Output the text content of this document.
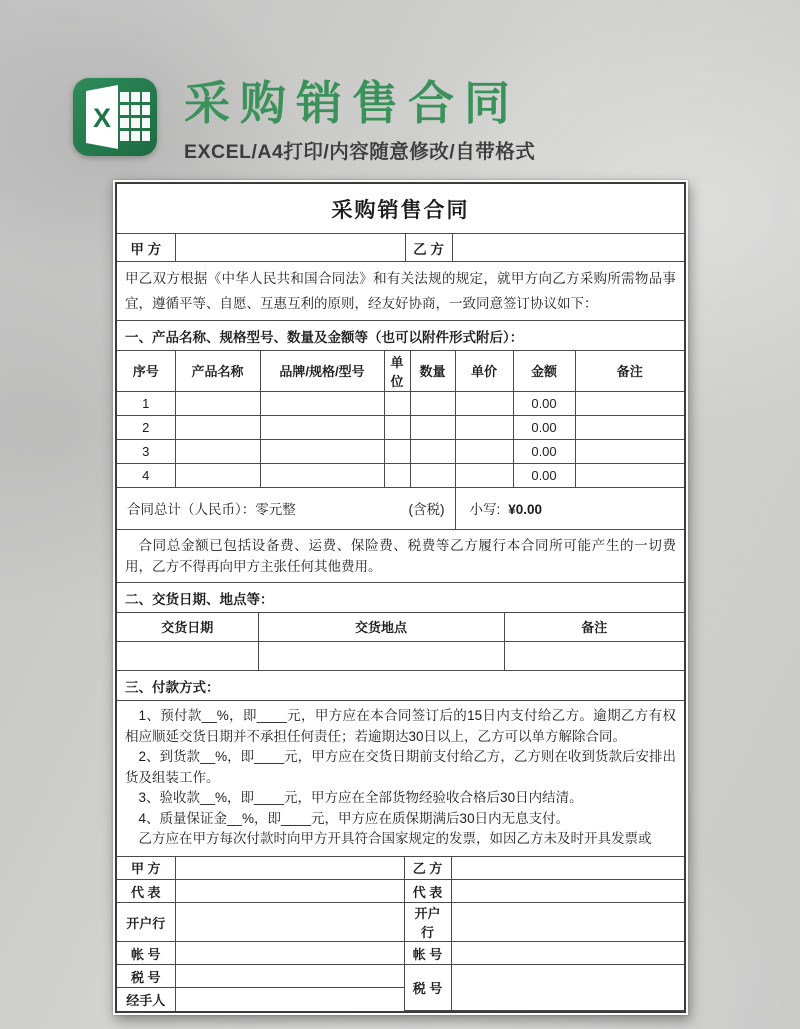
X 采购销售合同
EXCEL/A4打印/内容随意修改/自带格式
采购销售合同
甲 方		乙 方	
甲乙双方根据《中华人民共和国合同法》和有关法规的规定，就甲方向乙方采购所需物品事宜，遵循平等、自愿、互惠互利的原则，经友好协商，一致同意签订协议如下：
一、产品名称、规格型号、数量及金额等（也可以附件形式附后）：
序号	产品名称	品牌/规格/型号	单位	数量	单价	金额	备注
1						0.00	
2						0.00	
3						0.00	
4						0.00	

合同总计（人民币）：零元整 (含税)					小写: ¥0.00		
合同总金额已包括设备费、运费、保险费、税费等乙方履行本合同所可能产生的一切费用，乙方不得再向甲方主张任何其他费用。
二、交货日期、地点等：
交货日期	交货地点	备注

三、付款方式：

1、预付款__%，即____元，甲方应在本合同签订后的15日内支付给乙方。逾期乙方有权相应顺延交货日期并不承担任何责任；若逾期达30日以上，乙方可以单方解除合同。

2、到货款__%，即____元，甲方应在交货日期前支付给乙方，乙方则在收到货款后安排出货及组装工作。

3、验收款__%，即____元，甲方应在全部货物经验收合格后30日内结清。

4、质量保证金__%，即____元，甲方应在质保期满后30日内无息支付。

乙方应在甲方每次付款时向甲方开具符合国家规定的发票，如因乙方未及时开具发票或

甲 方		乙 方	
代 表		代 表	
开户行		开户行	
帐 号		帐 号	
税 号		税 号	
经手人			
